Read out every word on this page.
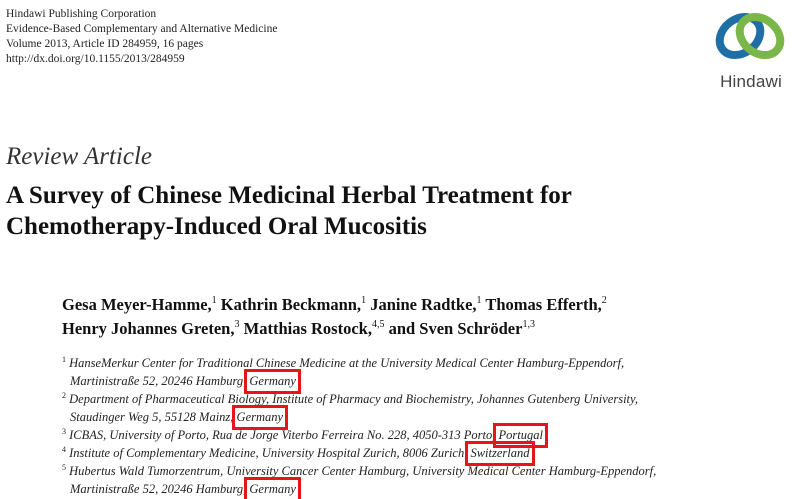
Hindawi Publishing Corporation
Evidence-Based Complementary and Alternative Medicine
Volume 2013, Article ID 284959, 16 pages
http://dx.doi.org/10.1155/2013/284959
Hindawi
Review Article
A Survey of Chinese Medicinal Herbal Treatment for
Chemotherapy-Induced Oral Mucositis
Gesa Meyer-Hamme,$^1$ Kathrin Beckmann,$^1$ Janine Radtke,$^1$ Thomas Efferth,$^2$
Henry Johannes Greten,$^3$ Matthias Rostock,$^{4,5}$ and Sven Schröder$^{1,3}$
$^1$ HanseMerkur Center for Traditional Chinese Medicine at the University Medical Center Hamburg-Eppendorf,
Martinistraße 52, 20246 Hamburg, Germany
$^2$ Department of Pharmaceutical Biology, Institute of Pharmacy and Biochemistry, Johannes Gutenberg University,
Staudinger Weg 5, 55128 Mainz, Germany
$^3$ ICBAS, University of Porto, Rua de Jorge Viterbo Ferreira No. 228, 4050-313 Porto, Portugal
$^4$ Institute of Complementary Medicine, University Hospital Zurich, 8006 Zurich, Switzerland
$^5$ Hubertus Wald Tumorzentrum, University Cancer Center Hamburg, University Medical Center Hamburg-Eppendorf,
Martinistraße 52, 20246 Hamburg, Germany
